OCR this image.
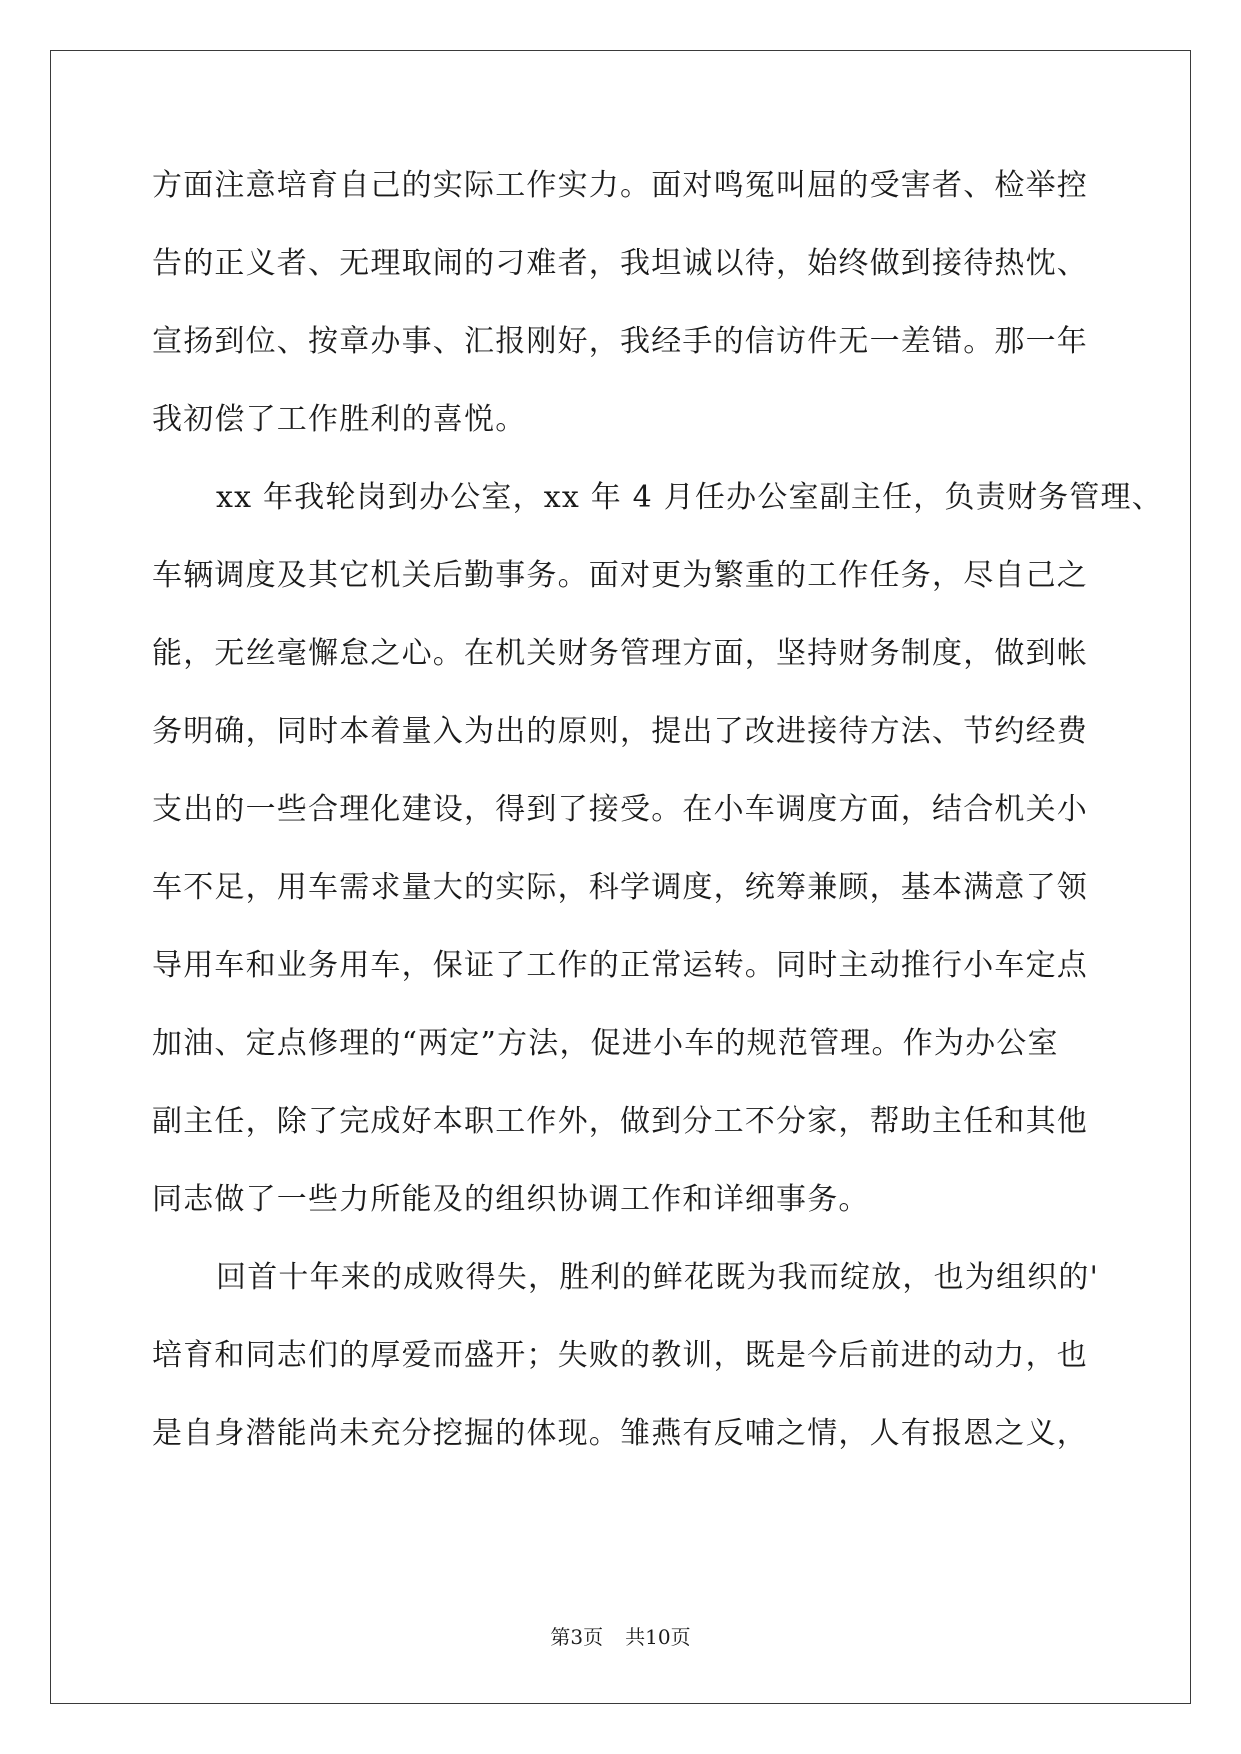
方面注意培育自己的实际工作实力。面对鸣冤叫屈的受害者、检举控
告的正义者、无理取闹的刁难者，我坦诚以待，始终做到接待热忱、
宣扬到位、按章办事、汇报刚好，我经手的信访件无一差错。那一年
我初偿了工作胜利的喜悦。
xx 年我轮岗到办公室，xx 年 4 月任办公室副主任，负责财务管理、
车辆调度及其它机关后勤事务。面对更为繁重的工作任务，尽自己之
能，无丝毫懈怠之心。在机关财务管理方面，坚持财务制度，做到帐
务明确，同时本着量入为出的原则，提出了改进接待方法、节约经费
支出的一些合理化建设，得到了接受。在小车调度方面，结合机关小
车不足，用车需求量大的实际，科学调度，统筹兼顾，基本满意了领
导用车和业务用车，保证了工作的正常运转。同时主动推行小车定点
加油、定点修理的“两定”方法，促进小车的规范管理。作为办公室
副主任，除了完成好本职工作外，做到分工不分家，帮助主任和其他
同志做了一些力所能及的组织协调工作和详细事务。
回首十年来的成败得失，胜利的鲜花既为我而绽放，也为组织的'
培育和同志们的厚爱而盛开；失败的教训，既是今后前进的动力，也
是自身潜能尚未充分挖掘的体现。雏燕有反哺之情，人有报恩之义，
第3页 共10页
